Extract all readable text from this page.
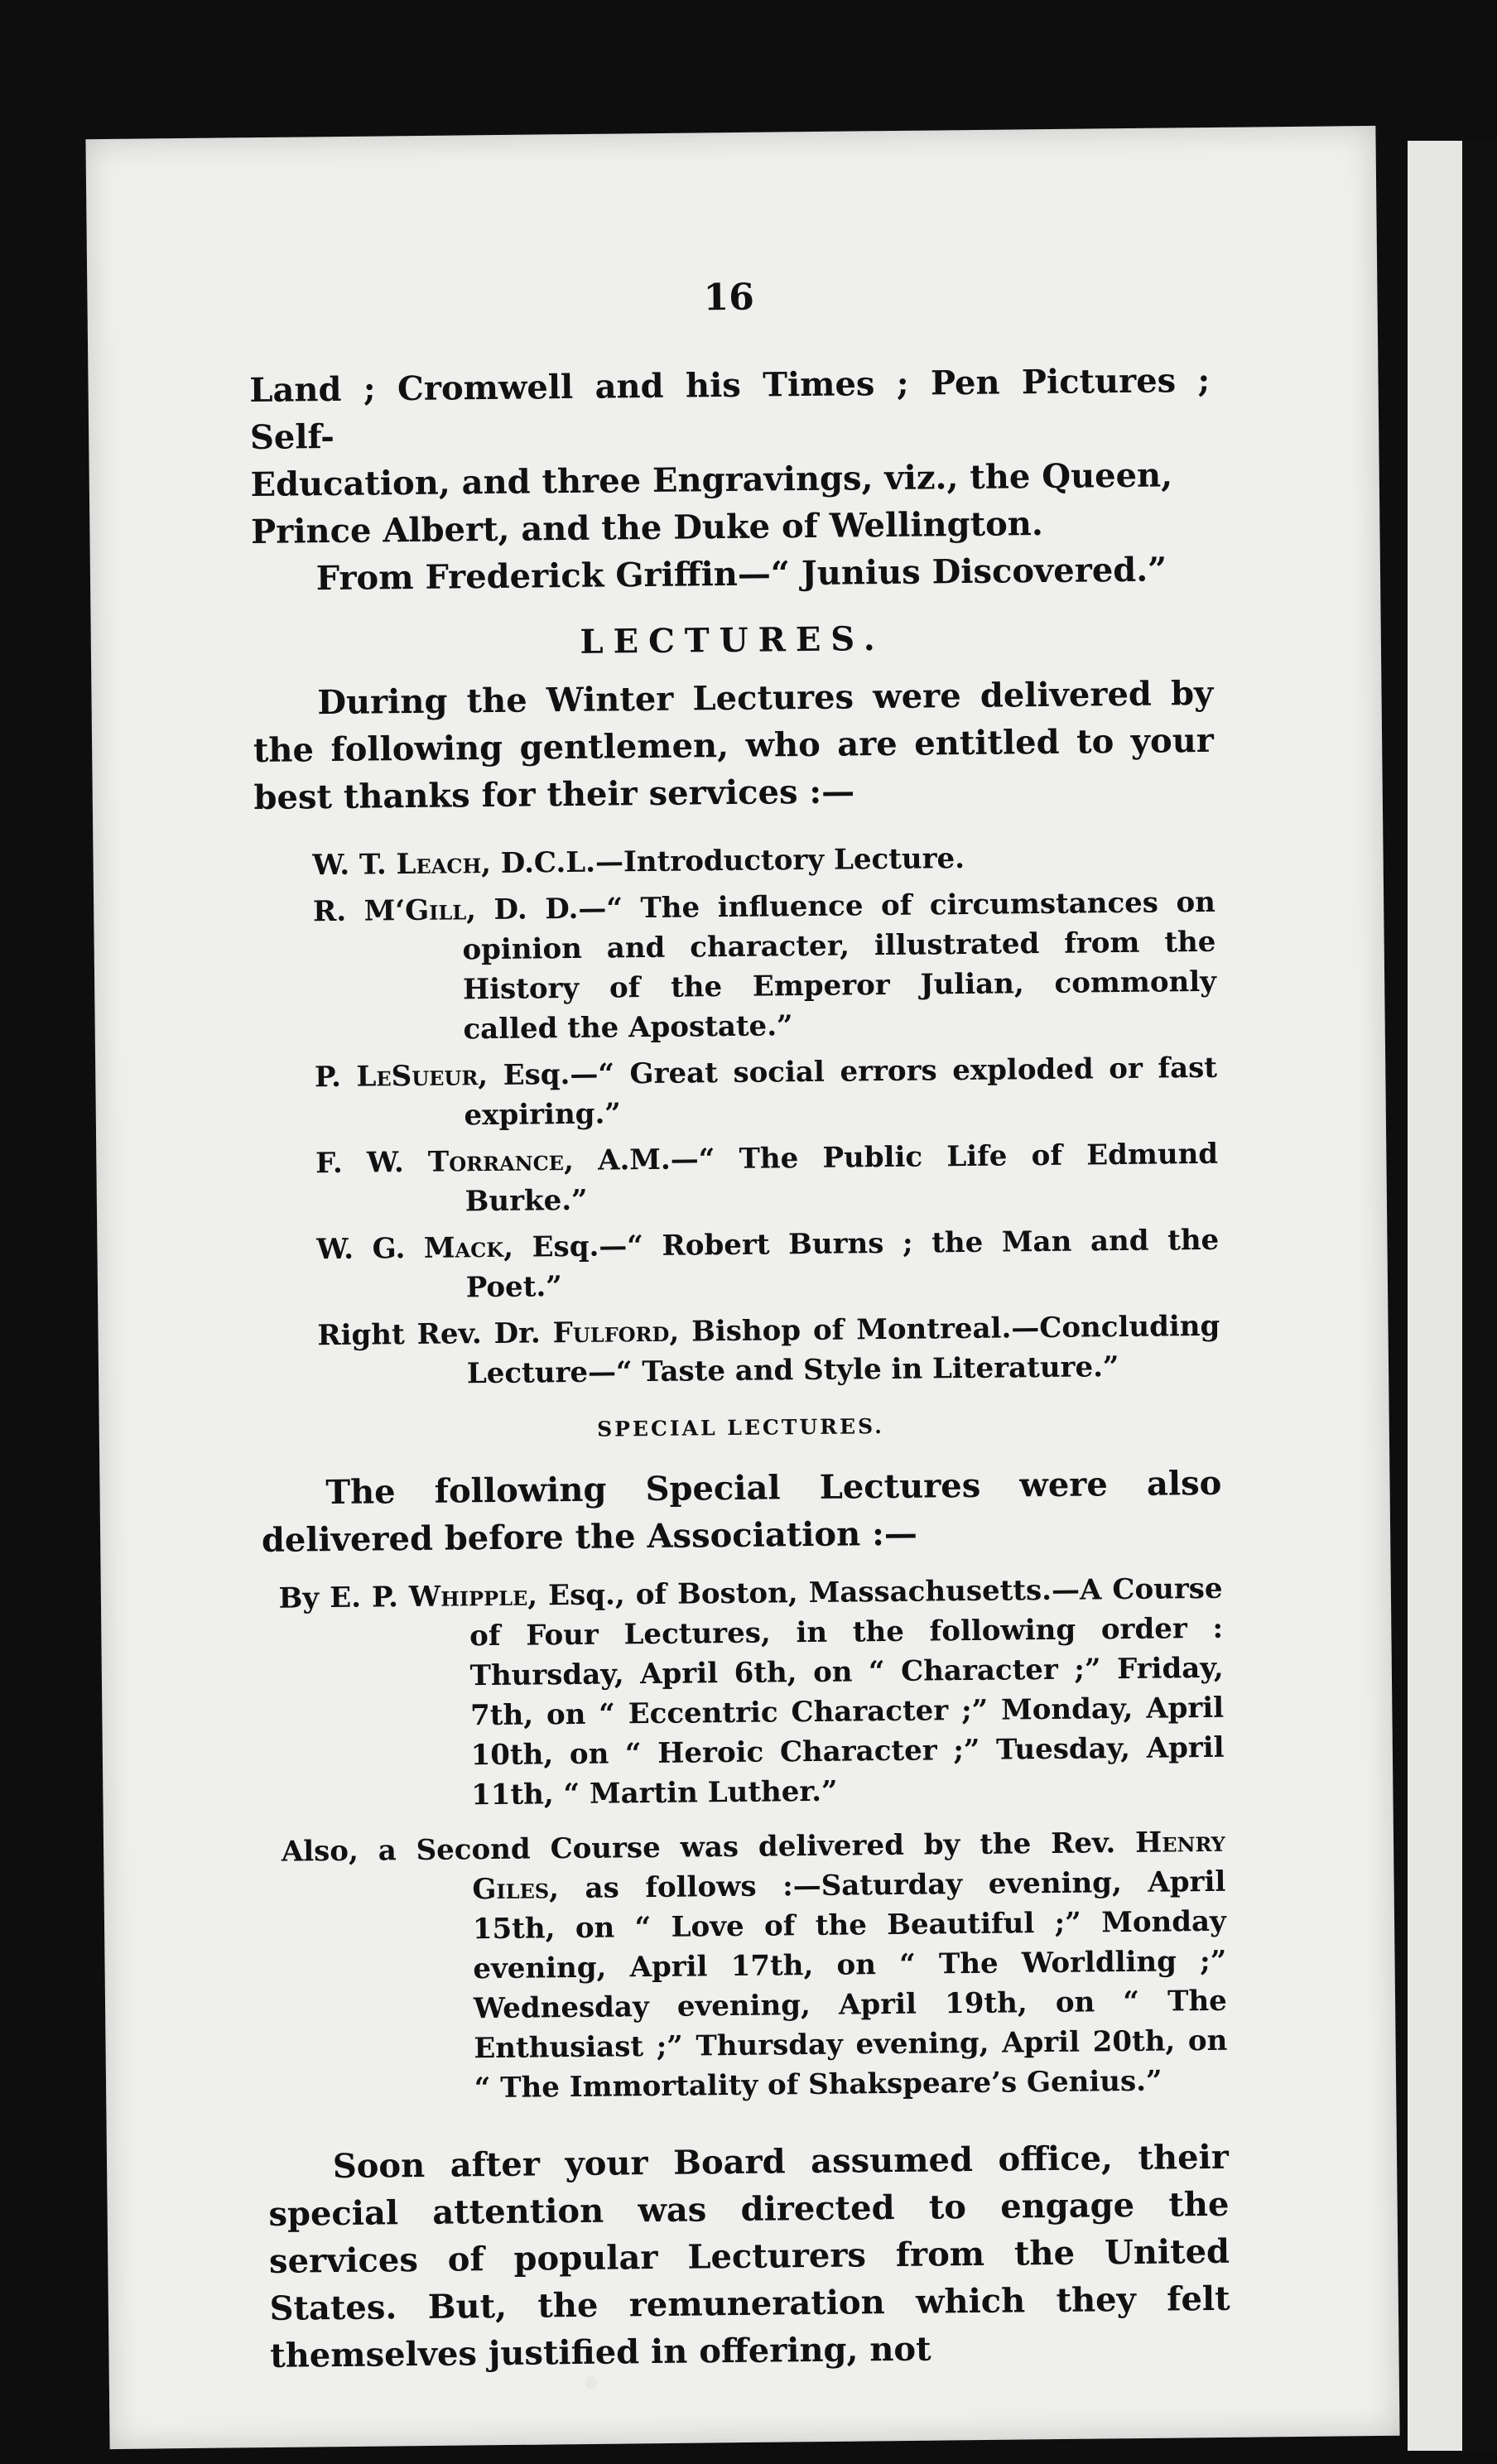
16

Land ; Cromwell and his Times ; Pen Pictures ; Self-
Education, and three Engravings, viz., the Queen,
Prince Albert, and the Duke of Wellington.

From Frederick Griffin—“ Junius Discovered.”

LECTURES.

During the Winter Lectures were delivered by the following gentlemen, who are entitled to your best thanks for their services :—

W. T. Leach, D.C.L.—Introductory Lecture.

R. M‘Gill, D. D.—“ The influence of circumstances on opinion and character, illustrated from the History of the Emperor Julian, commonly called the Apostate.”

P. LeSueur, Esq.—“ Great social errors exploded or fast expiring.”

F. W. Torrance, A.M.—“ The Public Life of Edmund Burke.”

W. G. Mack, Esq.—“ Robert Burns ; the Man and the Poet.”

Right Rev. Dr. Fulford, Bishop of Montreal.—Concluding Lecture—“ Taste and Style in Literature.”

SPECIAL LECTURES.

The following Special Lectures were also delivered before the Association :—

By E. P. Whipple, Esq., of Boston, Massachusetts.—A Course of Four Lectures, in the following order : Thursday, April 6th, on “ Character ;” Friday, 7th, on “ Eccentric Character ;” Monday, April 10th, on “ Heroic Character ;” Tuesday, April 11th, “ Martin Luther.”

Also, a Second Course was delivered by the Rev. Henry Giles, as follows :—Saturday evening, April 15th, on “ Love of the Beautiful ;” Monday evening, April 17th, on “ The Worldling ;” Wednesday evening, April 19th, on “ The Enthusiast ;” Thursday evening, April 20th, on “ The Immortality of Shakspeare’s Genius.”

Soon after your Board assumed office, their special attention was directed to engage the services of popular Lecturers from the United States. But, the remuneration which they felt themselves justified in offering, not
